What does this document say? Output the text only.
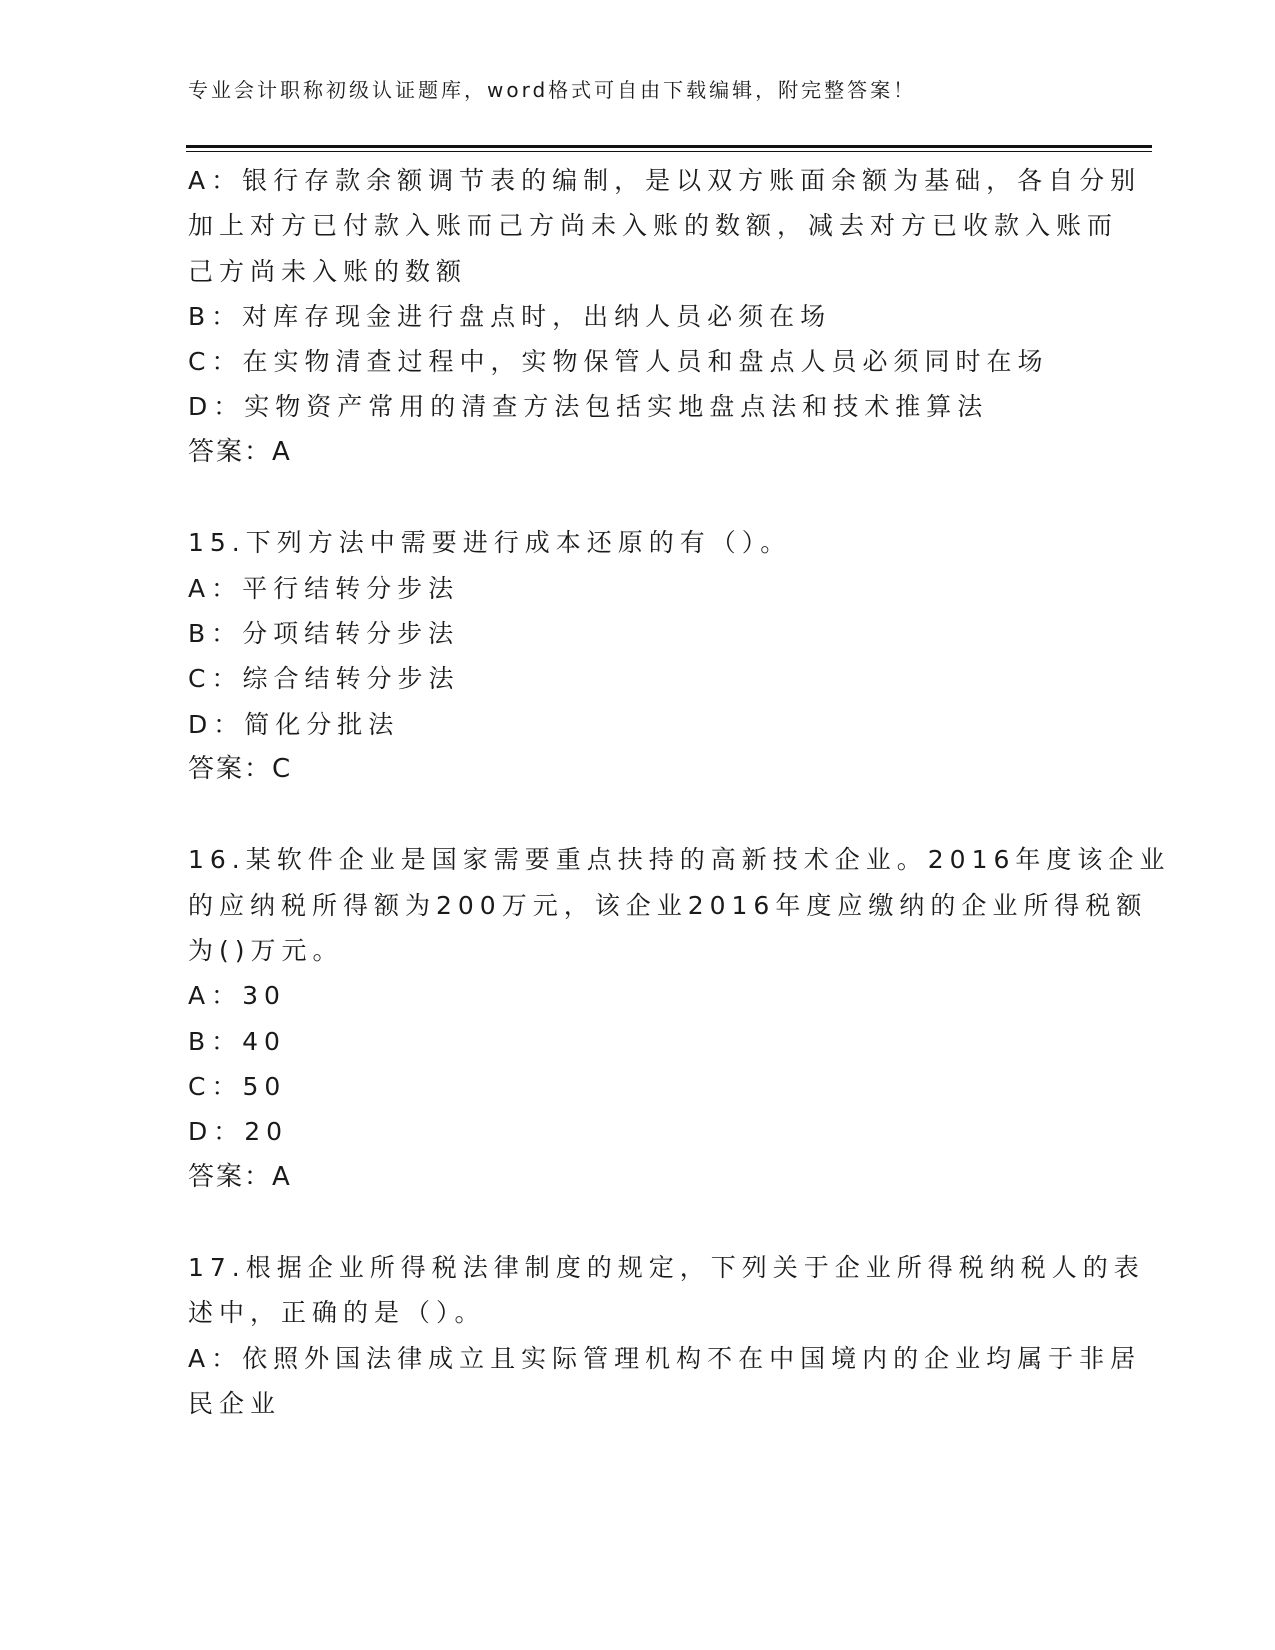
专业会计职称初级认证题库，word格式可自由下载编辑，附完整答案！

A：银行存款余额调节表的编制，是以双方账面余额为基础，各自分别

加上对方已付款入账而己方尚未入账的数额，减去对方已收款入账而

己方尚未入账的数额

B：对库存现金进行盘点时，出纳人员必须在场

C：在实物清查过程中，实物保管人员和盘点人员必须同时在场

D：实物资产常用的清查方法包括实地盘点法和技术推算法

答案：A

15.下列方法中需要进行成本还原的有（）。

A：平行结转分步法

B：分项结转分步法

C：综合结转分步法

D：简化分批法

答案：C

16.某软件企业是国家需要重点扶持的高新技术企业。2016年度该企业

的应纳税所得额为200万元，该企业2016年度应缴纳的企业所得税额

为()万元。

A：30

B：40

C：50

D：20

答案：A

17.根据企业所得税法律制度的规定，下列关于企业所得税纳税人的表

述中，正确的是（）。

A：依照外国法律成立且实际管理机构不在中国境内的企业均属于非居

民企业
